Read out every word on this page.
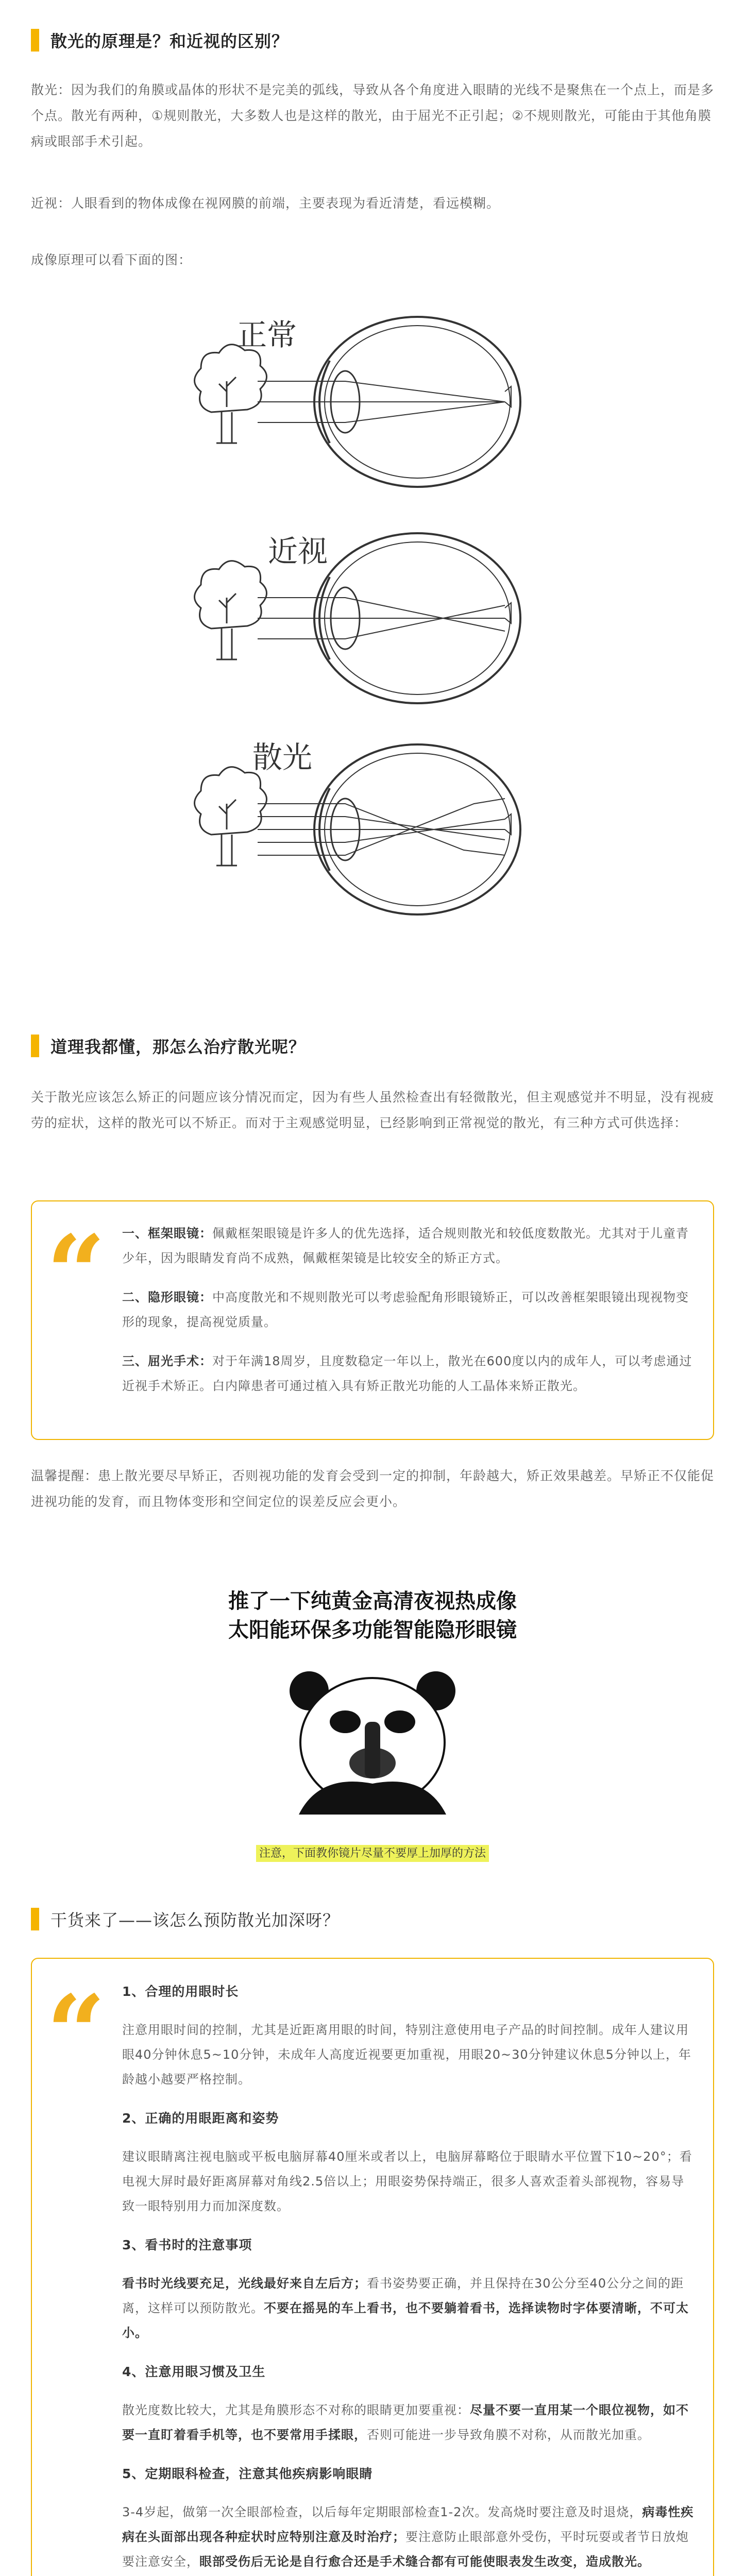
散光的原理是？和近视的区别？
散光：因为我们的角膜或晶体的形状不是完美的弧线，导致从各个角度进入眼睛的光线不是聚焦在一个点上，而是多个点。散光有两种，①规则散光，大多数人也是这样的散光，由于屈光不正引起；②不规则散光，可能由于其他角膜病或眼部手术引起。
近视：人眼看到的物体成像在视网膜的前端，主要表现为看近清楚，看远模糊。
成像原理可以看下面的图：
正常
近视
散光
道理我都懂，那怎么治疗散光呢？
关于散光应该怎么矫正的问题应该分情况而定，因为有些人虽然检查出有轻微散光，但主观感觉并不明显，没有视疲劳的症状，这样的散光可以不矫正。而对于主观感觉明显，已经影响到正常视觉的散光，有三种方式可供选择：
“ 一、框架眼镜：佩戴框架眼镜是许多人的优先选择，适合规则散光和较低度数散光。尤其对于儿童青少年，因为眼睛发育尚不成熟，佩戴框架镜是比较安全的矫正方式。

二、隐形眼镜：中高度散光和不规则散光可以考虑验配角形眼镜矫正，可以改善框架眼镜出现视物变形的现象，提高视觉质量。

三、屈光手术：对于年满18周岁，且度数稳定一年以上，散光在600度以内的成年人，可以考虑通过近视手术矫正。白内障患者可通过植入具有矫正散光功能的人工晶体来矫正散光。

温馨提醒：患上散光要尽早矫正，否则视功能的发育会受到一定的抑制，年龄越大，矫正效果越差。早矫正不仅能促进视功能的发育，而且物体变形和空间定位的误差反应会更小。
推了一下纯黄金高清夜视热成像
太阳能环保多功能智能隐形眼镜
注意，下面教你镜片尽量不要厚上加厚的方法
干货来了——该怎么预防散光加深呀？
“ 1、合理的用眼时长

注意用眼时间的控制，尤其是近距离用眼的时间，特别注意使用电子产品的时间控制。成年人建议用眼40分钟休息5~10分钟，未成年人高度近视要更加重视，用眼20~30分钟建议休息5分钟以上，年龄越小越要严格控制。

2、正确的用眼距离和姿势

建议眼睛离注视电脑或平板电脑屏幕40厘米或者以上，电脑屏幕略位于眼睛水平位置下10~20°；看电视大屏时最好距离屏幕对角线2.5倍以上；用眼姿势保持端正，很多人喜欢歪着头部视物，容易导致一眼特别用力而加深度数。

3、看书时的注意事项

看书时光线要充足，光线最好来自左后方；看书姿势要正确，并且保持在30公分至40公分之间的距离，这样可以预防散光。不要在摇晃的车上看书，也不要躺着看书，选择读物时字体要清晰，不可太小。

4、注意用眼习惯及卫生

散光度数比较大，尤其是角膜形态不对称的眼睛更加要重视：尽量不要一直用某一个眼位视物，如不要一直盯着看手机等，也不要常用手揉眼，否则可能进一步导致角膜不对称，从而散光加重。

5、定期眼科检查，注意其他疾病影响眼睛

3-4岁起，做第一次全眼部检查，以后每年定期眼部检查1-2次。发高烧时要注意及时退烧，病毒性疾病在头面部出现各种症状时应特别注意及时治疗；要注意防止眼部意外受伤，平时玩耍或者节日放炮要注意安全，眼部受伤后无论是自行愈合还是手术缝合都有可能使眼表发生改变，造成散光。
